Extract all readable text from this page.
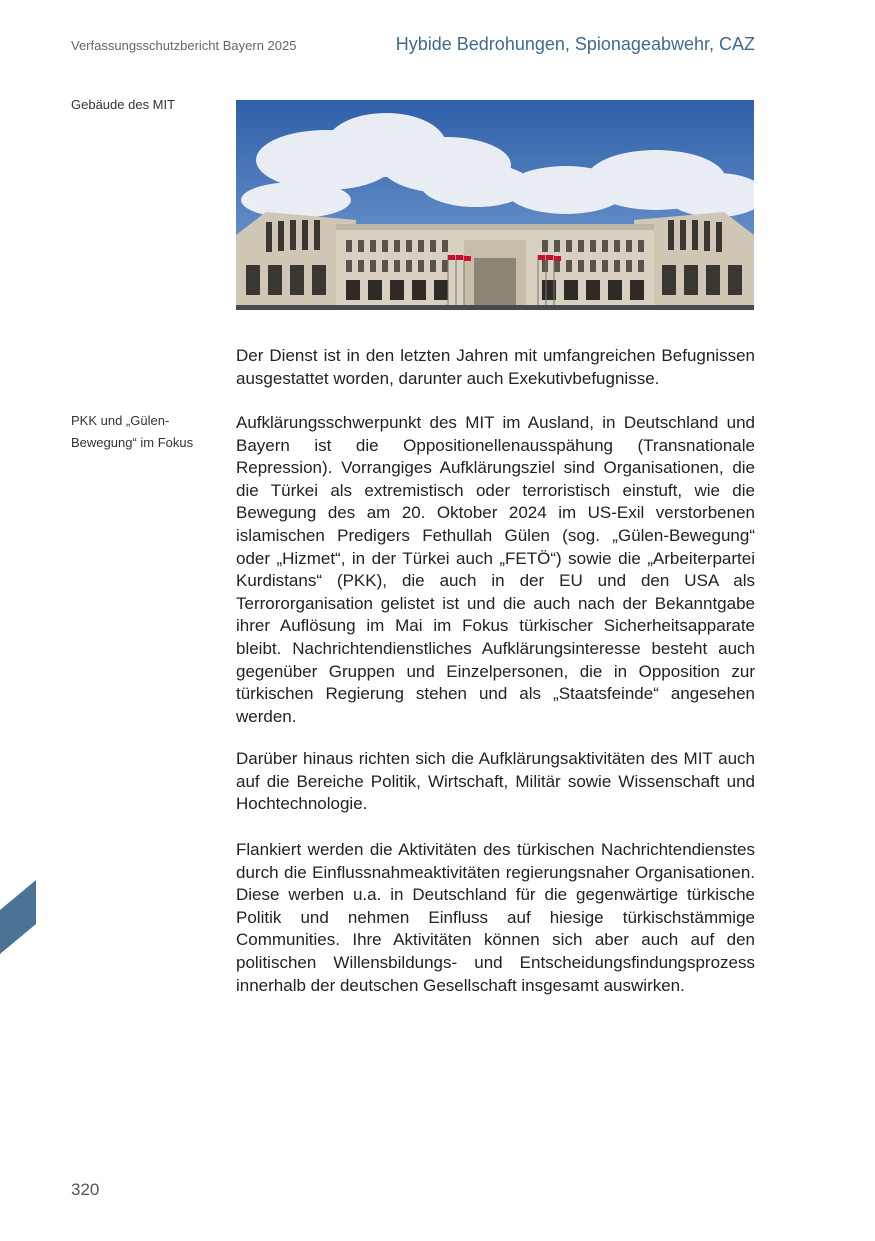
Verfassungsschutzbericht Bayern 2025	Hybide Bedrohungen, Spionageabwehr, CAZ
Gebäude des MIT
PKK und „Gülen-Bewegung“ im Fokus

Der Dienst ist in den letzten Jahren mit umfangreichen Befugnissen ausgestattet worden, darunter auch Exekutivbefugnisse.

Aufklärungsschwerpunkt des MIT im Ausland, in Deutschland und Bayern ist die Oppositionellenausspähung (Transnationale Repression). Vorrangiges Aufklärungsziel sind Organisationen, die die Türkei als extremistisch oder terroristisch einstuft, wie die Bewegung des am 20. Oktober 2024 im US-Exil verstorbenen islamischen Predigers Fethullah Gülen (sog. „Gülen-Bewegung“ oder „Hizmet“, in der Türkei auch „FETÖ“) sowie die „Arbeiterpartei Kurdistans“ (PKK), die auch in der EU und den USA als Terrororganisation gelistet ist und die auch nach der Bekanntgabe ihrer Auflösung im Mai im Fokus türkischer Sicherheitsapparate bleibt. Nachrichtendienstliches Aufklärungsinteresse besteht auch gegenüber Gruppen und Einzelpersonen, die in Opposition zur türkischen Regierung stehen und als „Staatsfeinde“ angesehen werden.

Darüber hinaus richten sich die Aufklärungsaktivitäten des MIT auch auf die Bereiche Politik, Wirtschaft, Militär sowie Wissenschaft und Hochtechnologie.

Flankiert werden die Aktivitäten des türkischen Nachrichtendienstes durch die Einflussnahmeaktivitäten regierungsnaher Organisationen. Diese werben u.a. in Deutschland für die gegenwärtige türkische Politik und nehmen Einfluss auf hiesige türkischstämmige Communities. Ihre Aktivitäten können sich aber auch auf den politischen Willensbildungs- und Entscheidungsfindungsprozess innerhalb der deutschen Gesellschaft insgesamt auswirken.

320
